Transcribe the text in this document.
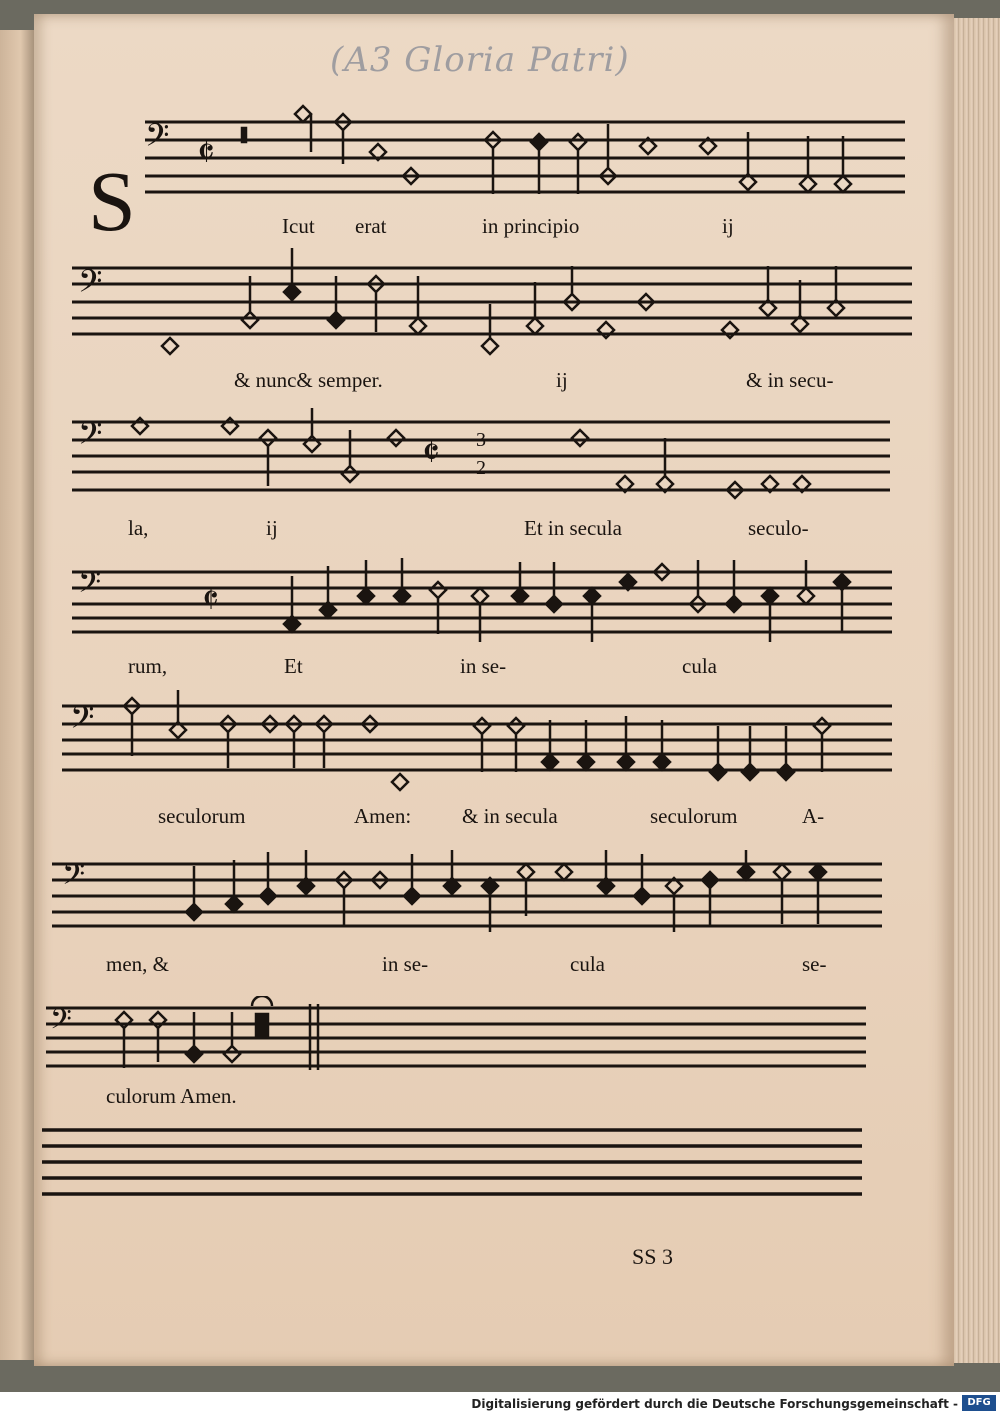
(A3 Gloria Patri)
S
𝄢 𝄵
Icut erat	in principio	ij
𝄢
& nunc& semper.	ij	& in secu-
𝄢	𝄵 3
2
la,	ij	Et in secula	seculo-
𝄢	𝄵
rum,	Et	in se-	cula
𝄢
seculorum	Amen: & in secula	seculorum	A-
𝄢
men, &	in se-	cula	se-
𝄢
culorum Amen.
SS 3
Digitalisierung gefördert durch die Deutsche Forschungsgemeinschaft - DFG
